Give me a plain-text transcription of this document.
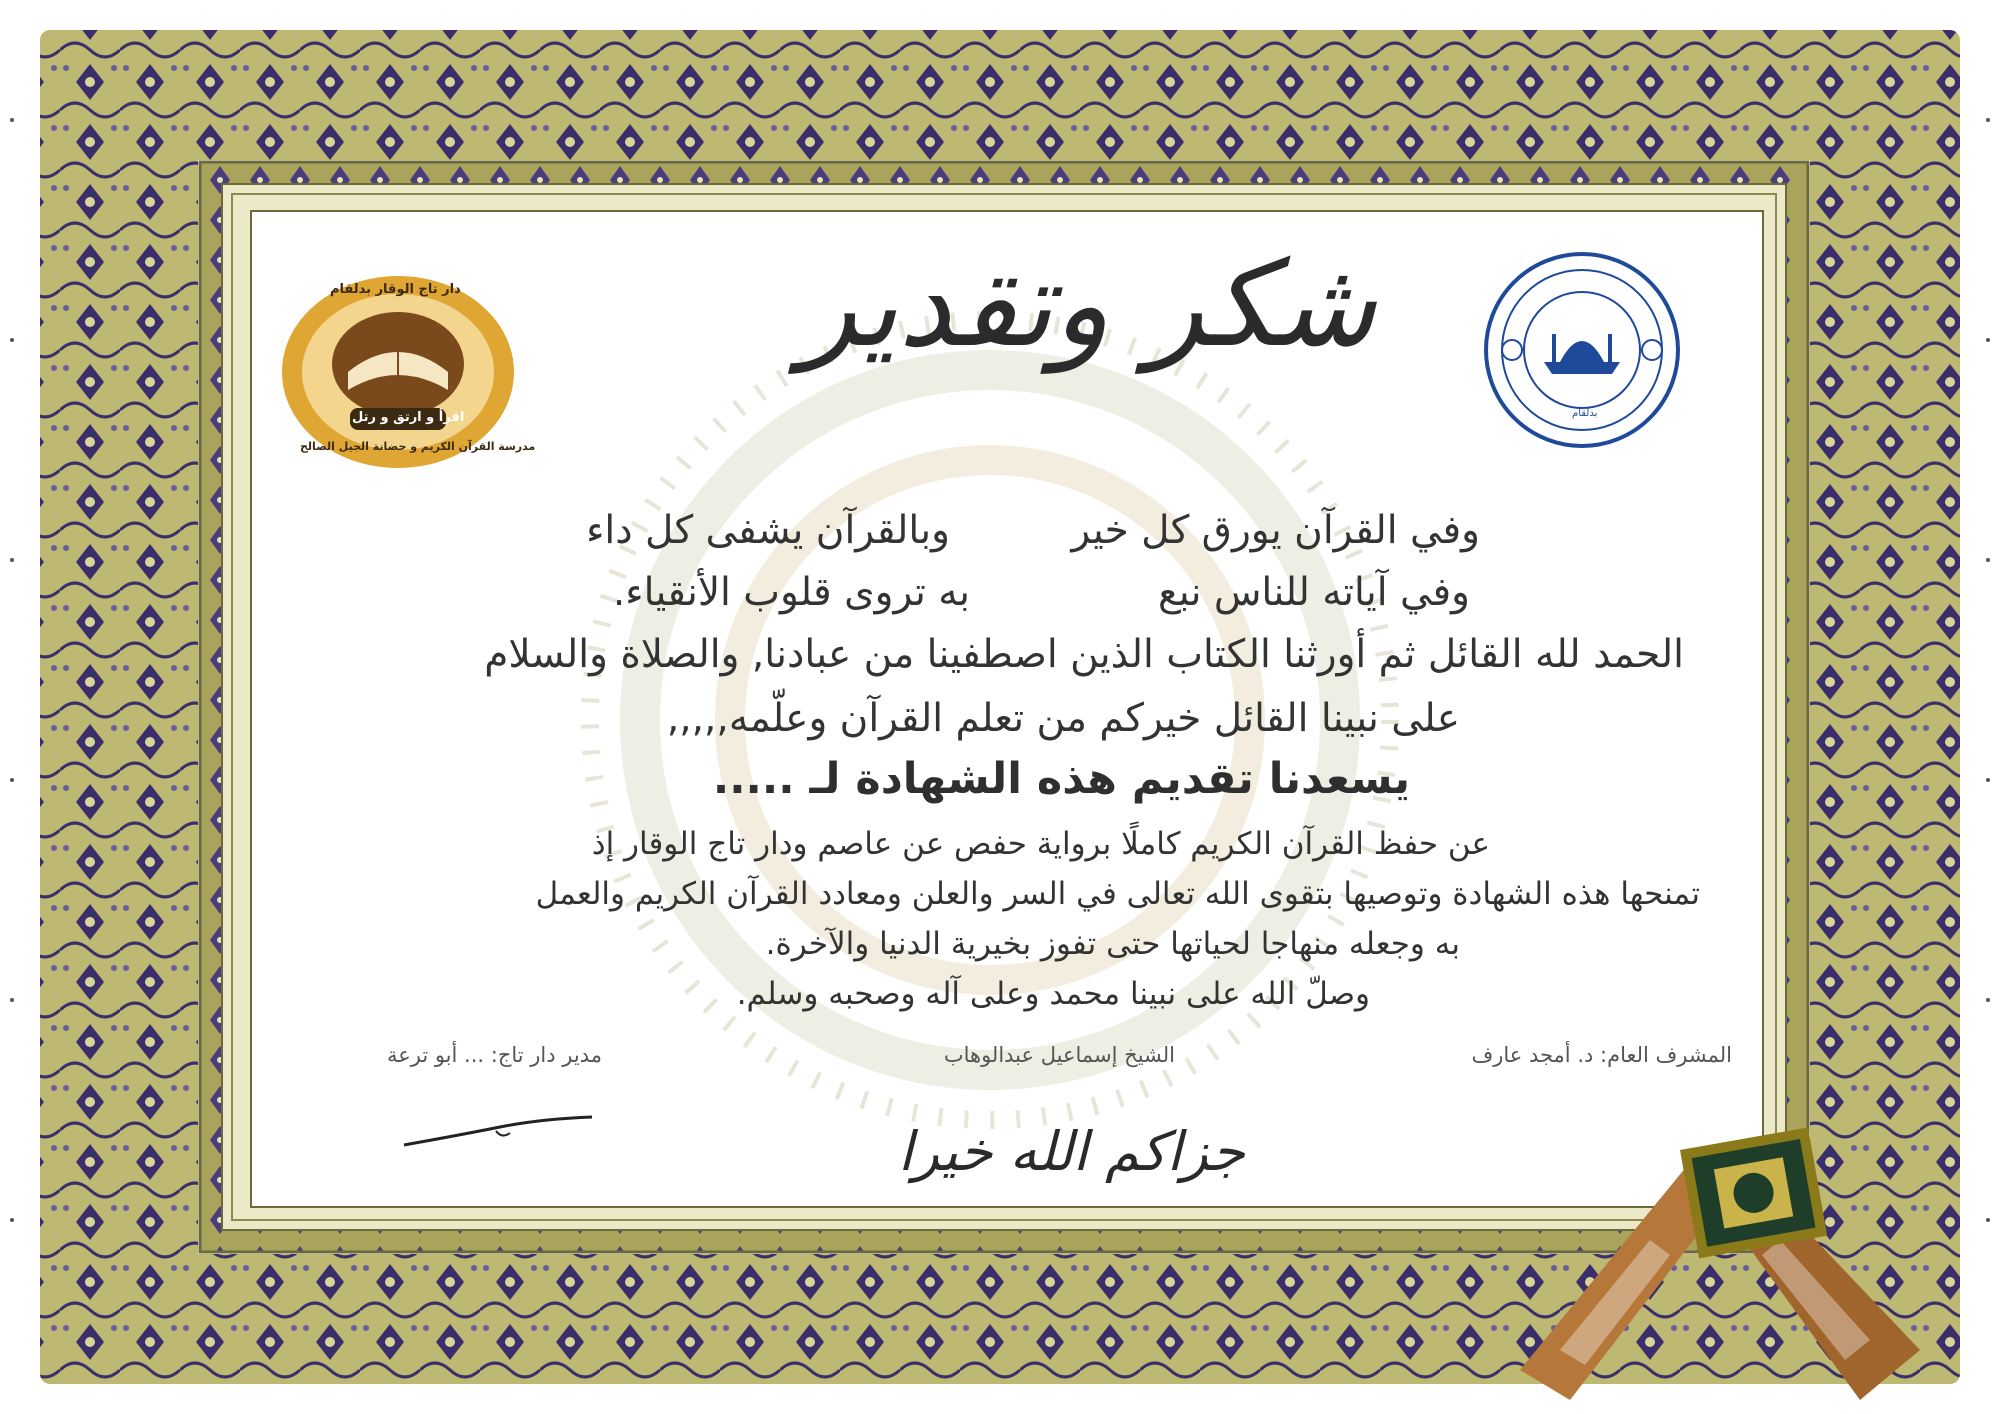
اقرأ و ارتق و رتل
دار تاج الوقار بدلقام
مدرسة القرآن الكريم و حضانة الجيل الصالح
بدلقام
شكر وتقدير
وفي القرآن يورق كل خير
وبالقرآن يشفى كل داء
وفي آياته للناس نبع
به تروى قلوب الأنقياء.
الحمد لله القائل ثم أورثنا الكتاب الذين اصطفينا من عبادنا, والصلاة والسلام
على نبينا القائل خيركم من تعلم القرآن وعلّمه,,,,,
يسعدنا تقديم هذه الشهادة لـ .....
عن حفظ القرآن الكريم كاملًا برواية حفص عن عاصم ودار تاج الوقار إذ
تمنحها هذه الشهادة وتوصيها بتقوى الله تعالى في السر والعلن ومعادد القرآن الكريم والعمل
به وجعله منهاجا لحياتها حتى تفوز بخيرية الدنيا والآخرة.
وصلّ الله على نبينا محمد وعلى آله وصحبه وسلم.
المشرف العام: د. أمجد عارف
الشيخ إسماعيل عبدالوهاب
مدير دار تاج: ... أبو ترعة
جزاكم الله خيرا
